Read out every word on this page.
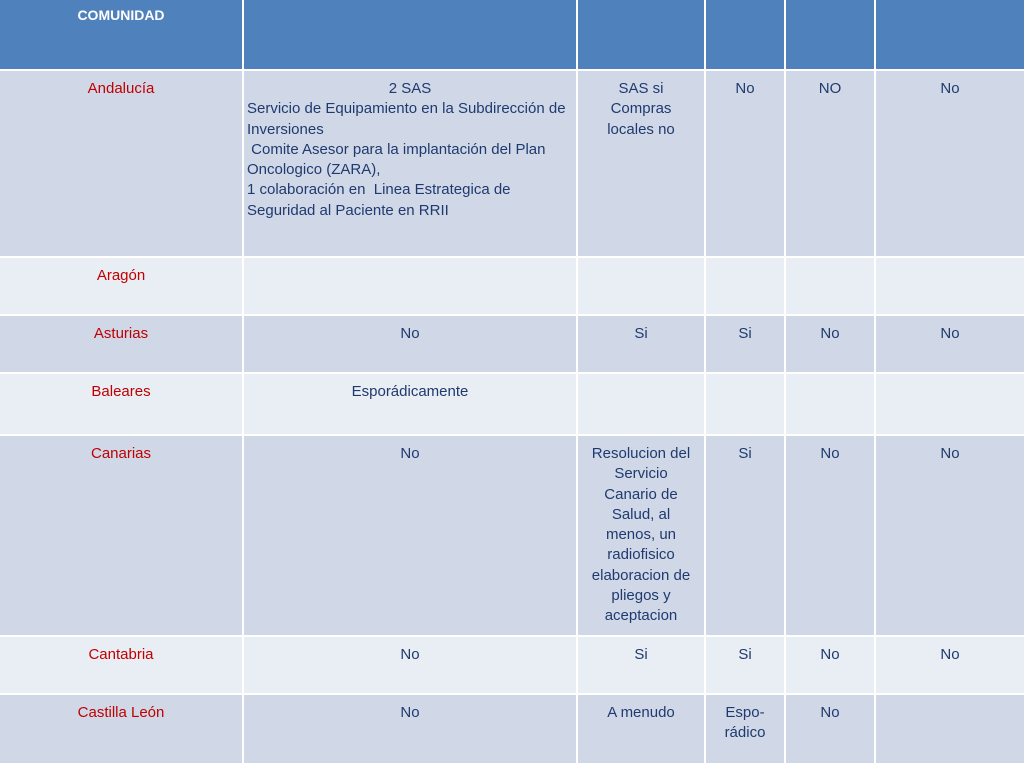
COMUNIDAD					
Andalucía	2 SAS
Servicio de Equipamiento en la Subdirección de Inversiones
Comite Asesor para la implantación del Plan Oncologico (ZARA),
1 colaboración en  Linea Estrategica de Seguridad al Paciente en RRII	SAS si Compras locales no	No	NO	No
Aragón					
Asturias	No	Si	Si	No	No
Baleares	Esporádicamente				
Canarias	No	Resolucion del Servicio Canario de Salud, al menos, un radiofisico elaboracion de pliegos y aceptacion	Si	No	No
Cantabria	No	Si	Si	No	No
Castilla León	No	A menudo	Espo-rádico	No	
